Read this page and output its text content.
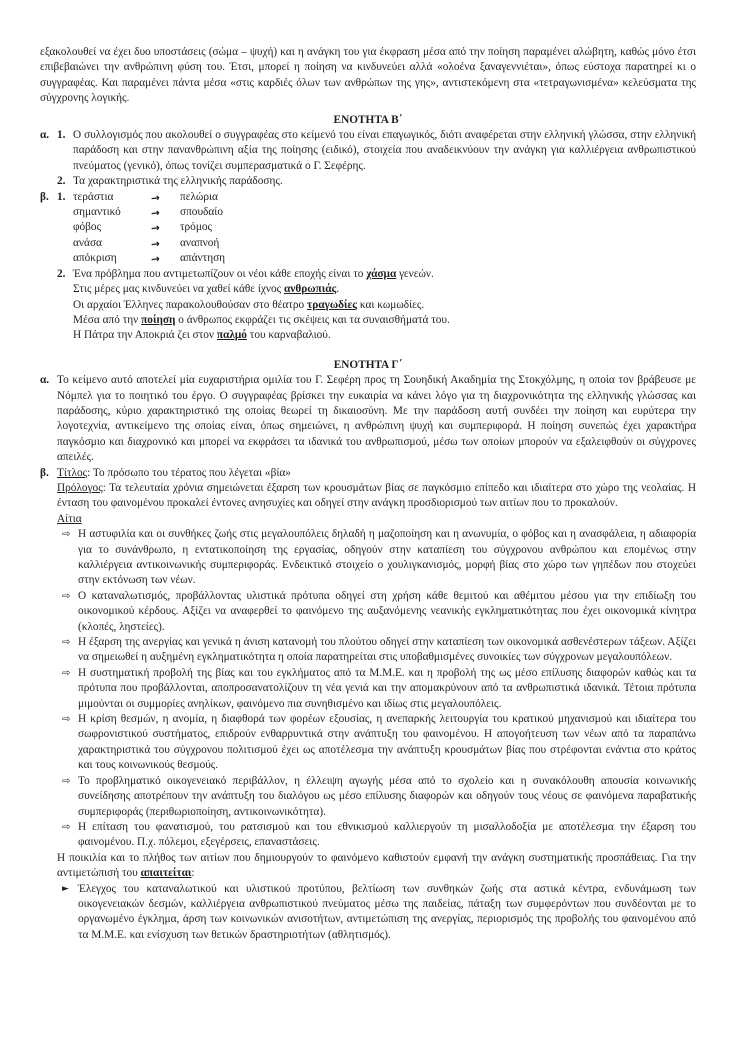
εξακολουθεί να έχει δυο υποστάσεις (σώμα – ψυχή) και η ανάγκη του για έκφραση μέσα από την ποίηση παραμένει αλώβητη, καθώς μόνο έτσι επιβεβαιώνει την ανθρώπινη φύση του. Έτσι, μπορεί η ποίηση να κινδυνεύει αλλά «ολοένα ξαναγεννιέται», όπως εύστοχα παρατηρεί κι ο συγγραφέας. Και παραμένει πάντα μέσα «στις καρδιές όλων των ανθρώπων της γης», αντιστεκόμενη στα «τετραγωνισμένα» κελεύσματα της σύγχρονης λογικής.

ΕΝΟΤΗΤΑ Β΄
α. 1. Ο συλλογισμός που ακολουθεί ο συγγραφέας στο κείμενό του είναι επαγωγικός, διότι αναφέρεται στην ελληνική γλώσσα, στην ελληνική παράδοση και στην πανανθρώπινη αξία της ποίησης (ειδικό), στοιχεία που αναδεικνύουν την ανάγκη για καλλιέργεια ανθρωπιστικού πνεύματος (γενικό), όπως τονίζει συμπερασματικά ο Γ. Σεφέρης.

2. Τα χαρακτηριστικά της ελληνικής παράδοσης.

β. 1. τεράστια	→	πελώρια
σημαντικό	→	σπουδαίο
φόβος	→	τρόμος
ανάσα	→	αναπνοή
απόκριση	→	απάντηση
2. Ένα πρόβλημα που αντιμετωπίζουν οι νέοι κάθε εποχής είναι το χάσμα γενεών.

Στις μέρες μας κινδυνεύει να χαθεί κάθε ίχνος ανθρωπιάς.

Οι αρχαίοι Έλληνες παρακολουθούσαν στο θέατρο τραγωδίες και κωμωδίες.

Μέσα από την ποίηση ο άνθρωπος εκφράζει τις σκέψεις και τα συναισθήματά του.

Η Πάτρα την Αποκριά ζει στον παλμό του καρναβαλιού.

ΕΝΟΤΗΤΑ Γ΄
α. Το κείμενο αυτό αποτελεί μία ευχαριστήρια ομιλία του Γ. Σεφέρη προς τη Σουηδική Ακαδημία της Στοκχόλμης, η οποία τον βράβευσε με Νόμπελ για το ποιητικό του έργο. Ο συγγραφέας βρίσκει την ευκαιρία να κάνει λόγο για τη διαχρονικότητα της ελληνικής γλώσσας και παράδοσης, κύριο χαρακτηριστικό της οποίας θεωρεί τη δικαιοσύνη. Με την παράδοση αυτή συνδέει την ποίηση και ευρύτερα την λογοτεχνία, αντικείμενο της οποίας είναι, όπως σημειώνει, η ανθρώπινη ψυχή και συμπεριφορά. Η ποίηση συνεπώς έχει χαρακτήρα παγκόσμιο και διαχρονικό και μπορεί να εκφράσει τα ιδανικά του ανθρωπισμού, μέσω των οποίων μπορούν να εξαλειφθούν οι σύγχρονες απειλές.

β. Τίτλος: Το πρόσωπο του τέρατος που λέγεται «βία»

Πρόλογος: Τα τελευταία χρόνια σημειώνεται έξαρση των κρουσμάτων βίας σε παγκόσμιο επίπεδο και ιδιαίτερα στο χώρο της νεολαίας. Η ένταση του φαινομένου προκαλεί έντονες ανησυχίες και οδηγεί στην ανάγκη προσδιορισμού των αιτίων που το προκαλούν.

Αίτια

⇨ Η αστυφιλία και οι συνθήκες ζωής στις μεγαλουπόλεις δηλαδή η μαζοποίηση και η ανωνυμία, ο φόβος και η ανασφάλεια, η αδιαφορία για το συνάνθρωπο, η εντατικοποίηση της εργασίας, οδηγούν στην καταπίεση του σύγχρονου ανθρώπου και επομένως στην καλλιέργεια αντικοινωνικής συμπεριφοράς. Ενδεικτικό στοιχείο ο χουλιγκανισμός, μορφή βίας στο χώρο των γηπέδων που στοχεύει στην εκτόνωση των νέων.

⇨ Ο καταναλωτισμός, προβάλλοντας υλιστικά πρότυπα οδηγεί στη χρήση κάθε θεμιτού και αθέμιτου μέσου για την επιδίωξη του οικονομικού κέρδους. Αξίζει να αναφερθεί το φαινόμενο της αυξανόμενης νεανικής εγκληματικότητας που έχει οικονομικά κίνητρα (κλοπές, ληστείες).

⇨ Η έξαρση της ανεργίας και γενικά η άνιση κατανομή του πλούτου οδηγεί στην καταπίεση των οικονομικά ασθενέστερων τάξεων. Αξίζει να σημειωθεί η αυξημένη εγκληματικότητα η οποία παρατηρείται στις υποβαθμισμένες συνοικίες των σύγχρονων μεγαλουπόλεων.

⇨ Η συστηματική προβολή της βίας και του εγκλήματος από τα Μ.Μ.Ε. και η προβολή της ως μέσο επίλυσης διαφορών καθώς και τα πρότυπα που προβάλλονται, αποπροσανατολίζουν τη νέα γενιά και την απομακρύνουν από τα ανθρωπιστικά ιδανικά. Τέτοια πρότυπα μιμούνται οι συμμορίες ανηλίκων, φαινόμενο πια συνηθισμένο και ιδίως στις μεγαλουπόλεις.

⇨ Η κρίση θεσμών, η ανομία, η διαφθορά των φορέων εξουσίας, η ανεπαρκής λειτουργία του κρατικού μηχανισμού και ιδιαίτερα του σωφρονιστικού συστήματος, επιδρούν ενθαρρυντικά στην ανάπτυξη του φαινομένου. Η απογοήτευση των νέων από τα παραπάνω χαρακτηριστικά του σύγχρονου πολιτισμού έχει ως αποτέλεσμα την ανάπτυξη κρουσμάτων βίας που στρέφονται ενάντια στο κράτος και τους κοινωνικούς θεσμούς.

⇨ Το προβληματικό οικογενειακό περιβάλλον, η έλλειψη αγωγής μέσα από το σχολείο και η συνακόλουθη απουσία κοινωνικής συνείδησης αποτρέπουν την ανάπτυξη του διαλόγου ως μέσο επίλυσης διαφορών και οδηγούν τους νέους σε φαινόμενα παραβατικής συμπεριφοράς (περιθωριοποίηση, αντικοινωνικότητα).

⇨ Η επίταση του φανατισμού, του ρατσισμού και του εθνικισμού καλλιεργούν τη μισαλλοδοξία με αποτέλεσμα την έξαρση του φαινομένου. Π.χ. πόλεμοι, εξεγέρσεις, επαναστάσεις.

Η ποικιλία και το πλήθος των αιτίων που δημιουργούν το φαινόμενο καθιστούν εμφανή την ανάγκη συστηματικής προσπάθειας. Για την αντιμετώπισή του απαιτείται:

► Έλεγχος του καταναλωτικού και υλιστικού προτύπου, βελτίωση των συνθηκών ζωής στα αστικά κέντρα, ενδυνάμωση των οικογενειακών δεσμών, καλλιέργεια ανθρωπιστικού πνεύματος μέσω της παιδείας, πάταξη των συμφερόντων που συνδέονται με το οργανωμένο έγκλημα, άρση των κοινωνικών ανισοτήτων, αντιμετώπιση της ανεργίας, περιορισμός της προβολής του φαινομένου από τα Μ.Μ.Ε. και ενίσχυση των θετικών δραστηριοτήτων (αθλητισμός).
